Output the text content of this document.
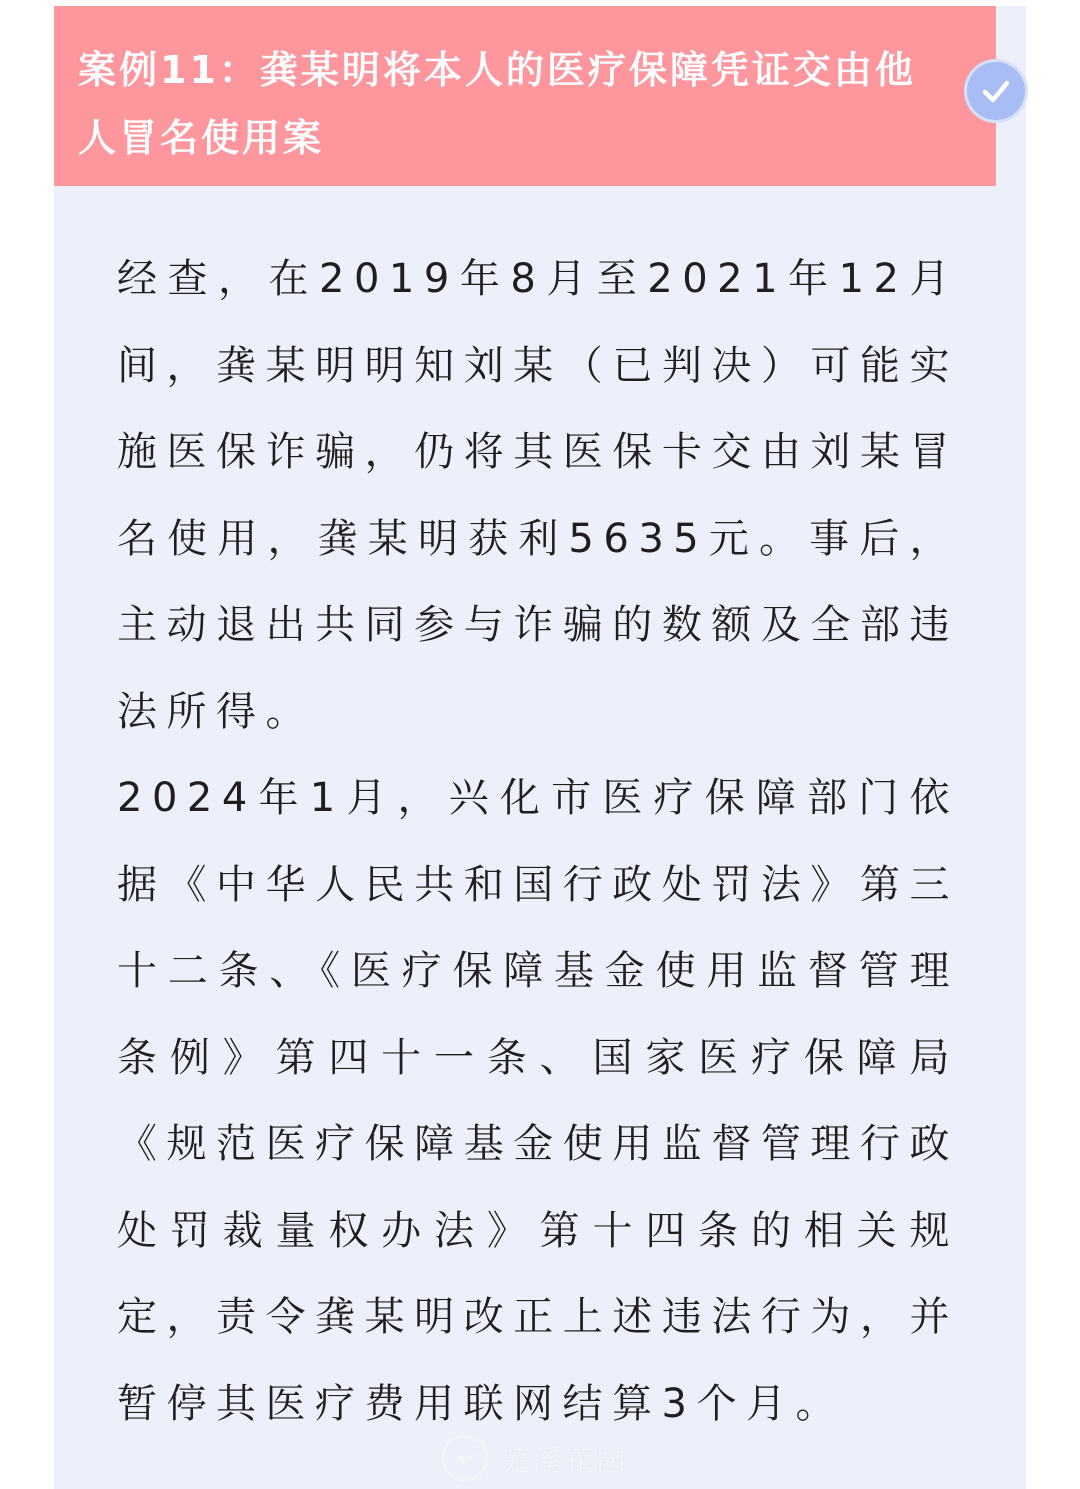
案例11：龚某明将本人的医疗保障凭证交由他人冒名使用案

经查，在2019年8月至2021年12月间，龚某明明知刘某（已判决）可能实施医保诈骗，仍将其医保卡交由刘某冒名使用，龚某明获利5635元。事后，主动退出共同参与诈骗的数额及全部违法所得。

2024年1月，兴化市医疗保障部门依据《中华人民共和国行政处罚法》第三十二条、《医疗保障基金使用监督管理条例》第四十一条、国家医疗保障局《规范医疗保障基金使用监督管理行政处罚裁量权办法》第十四条的相关规定，责令龚某明改正上述违法行为，并暂停其医疗费用联网结算3个月。

芜溪花园
